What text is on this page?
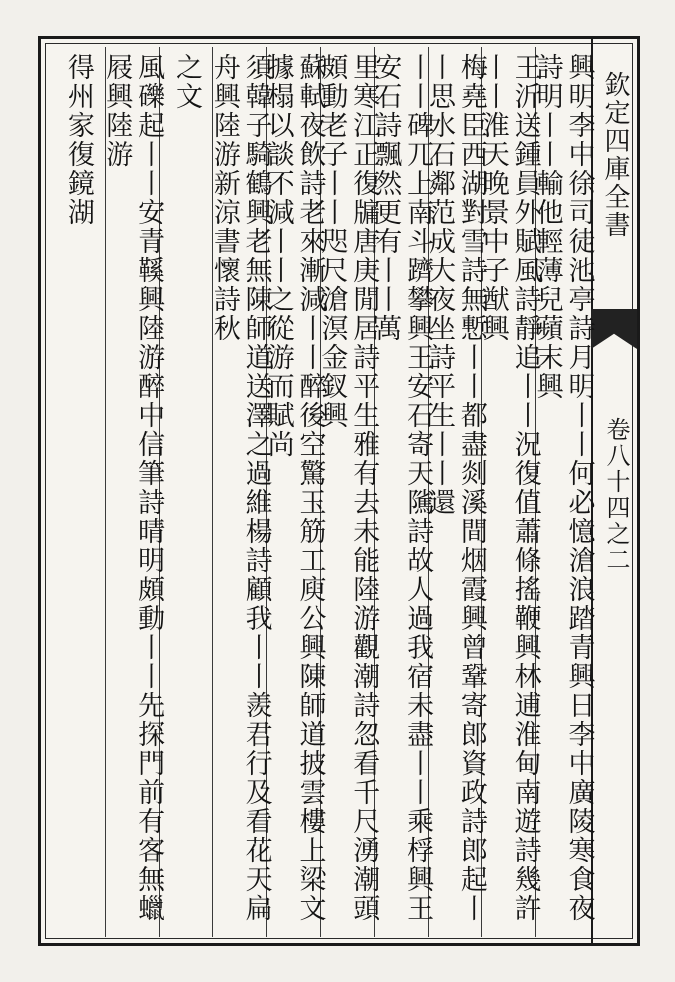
欽定四庫全書
卷八十四之二
興明李中徐司徒池亭詩月明丨丨何必憶滄浪踏青興日李中廣陵寒食夜詩明丨丨輸他輕薄兒蘋末興
王沂送鍾員外賦風詩靜追丨丨況復值蕭條搖鞭興林逋淮甸南遊詩幾許丨丨淮天晚景中子猷興
梅堯臣西湖對雪詩無慙丨丨都盡剡溪間烟霞興曾鞏寄郎資政詩郎起丨丨思水石鄰范成大夜坐詩平生丨丨還
丨丨碑兀上南斗躋攀興王安石寄天隲詩故人過我宿未盡丨丨乘桴興王安石詩飄然更有丨丨萬
里寒江正復牖唐庚閒居詩平生雅有去未能陸游觀潮詩忽看千尺湧潮頭頗動老子丨丨咫尺滄溟金釵興
蘇軾夜飲詩老來漸減丨丨醉後空驚玉筋工庾公興陳師道披雲樓上梁文據榻以談不減丨丨之從游而賦尚
須韓子騎鶴興老無陳師道送澤之過維楊詩顧我丨丨羨君行及看花天扁舟興陸游新涼書懷詩秋
之文
風礫起丨丨安青鞵興陸游醉中信筆詩晴明頗動丨丨先探門前有客無蠟屐興陸游
得州家復鏡湖
